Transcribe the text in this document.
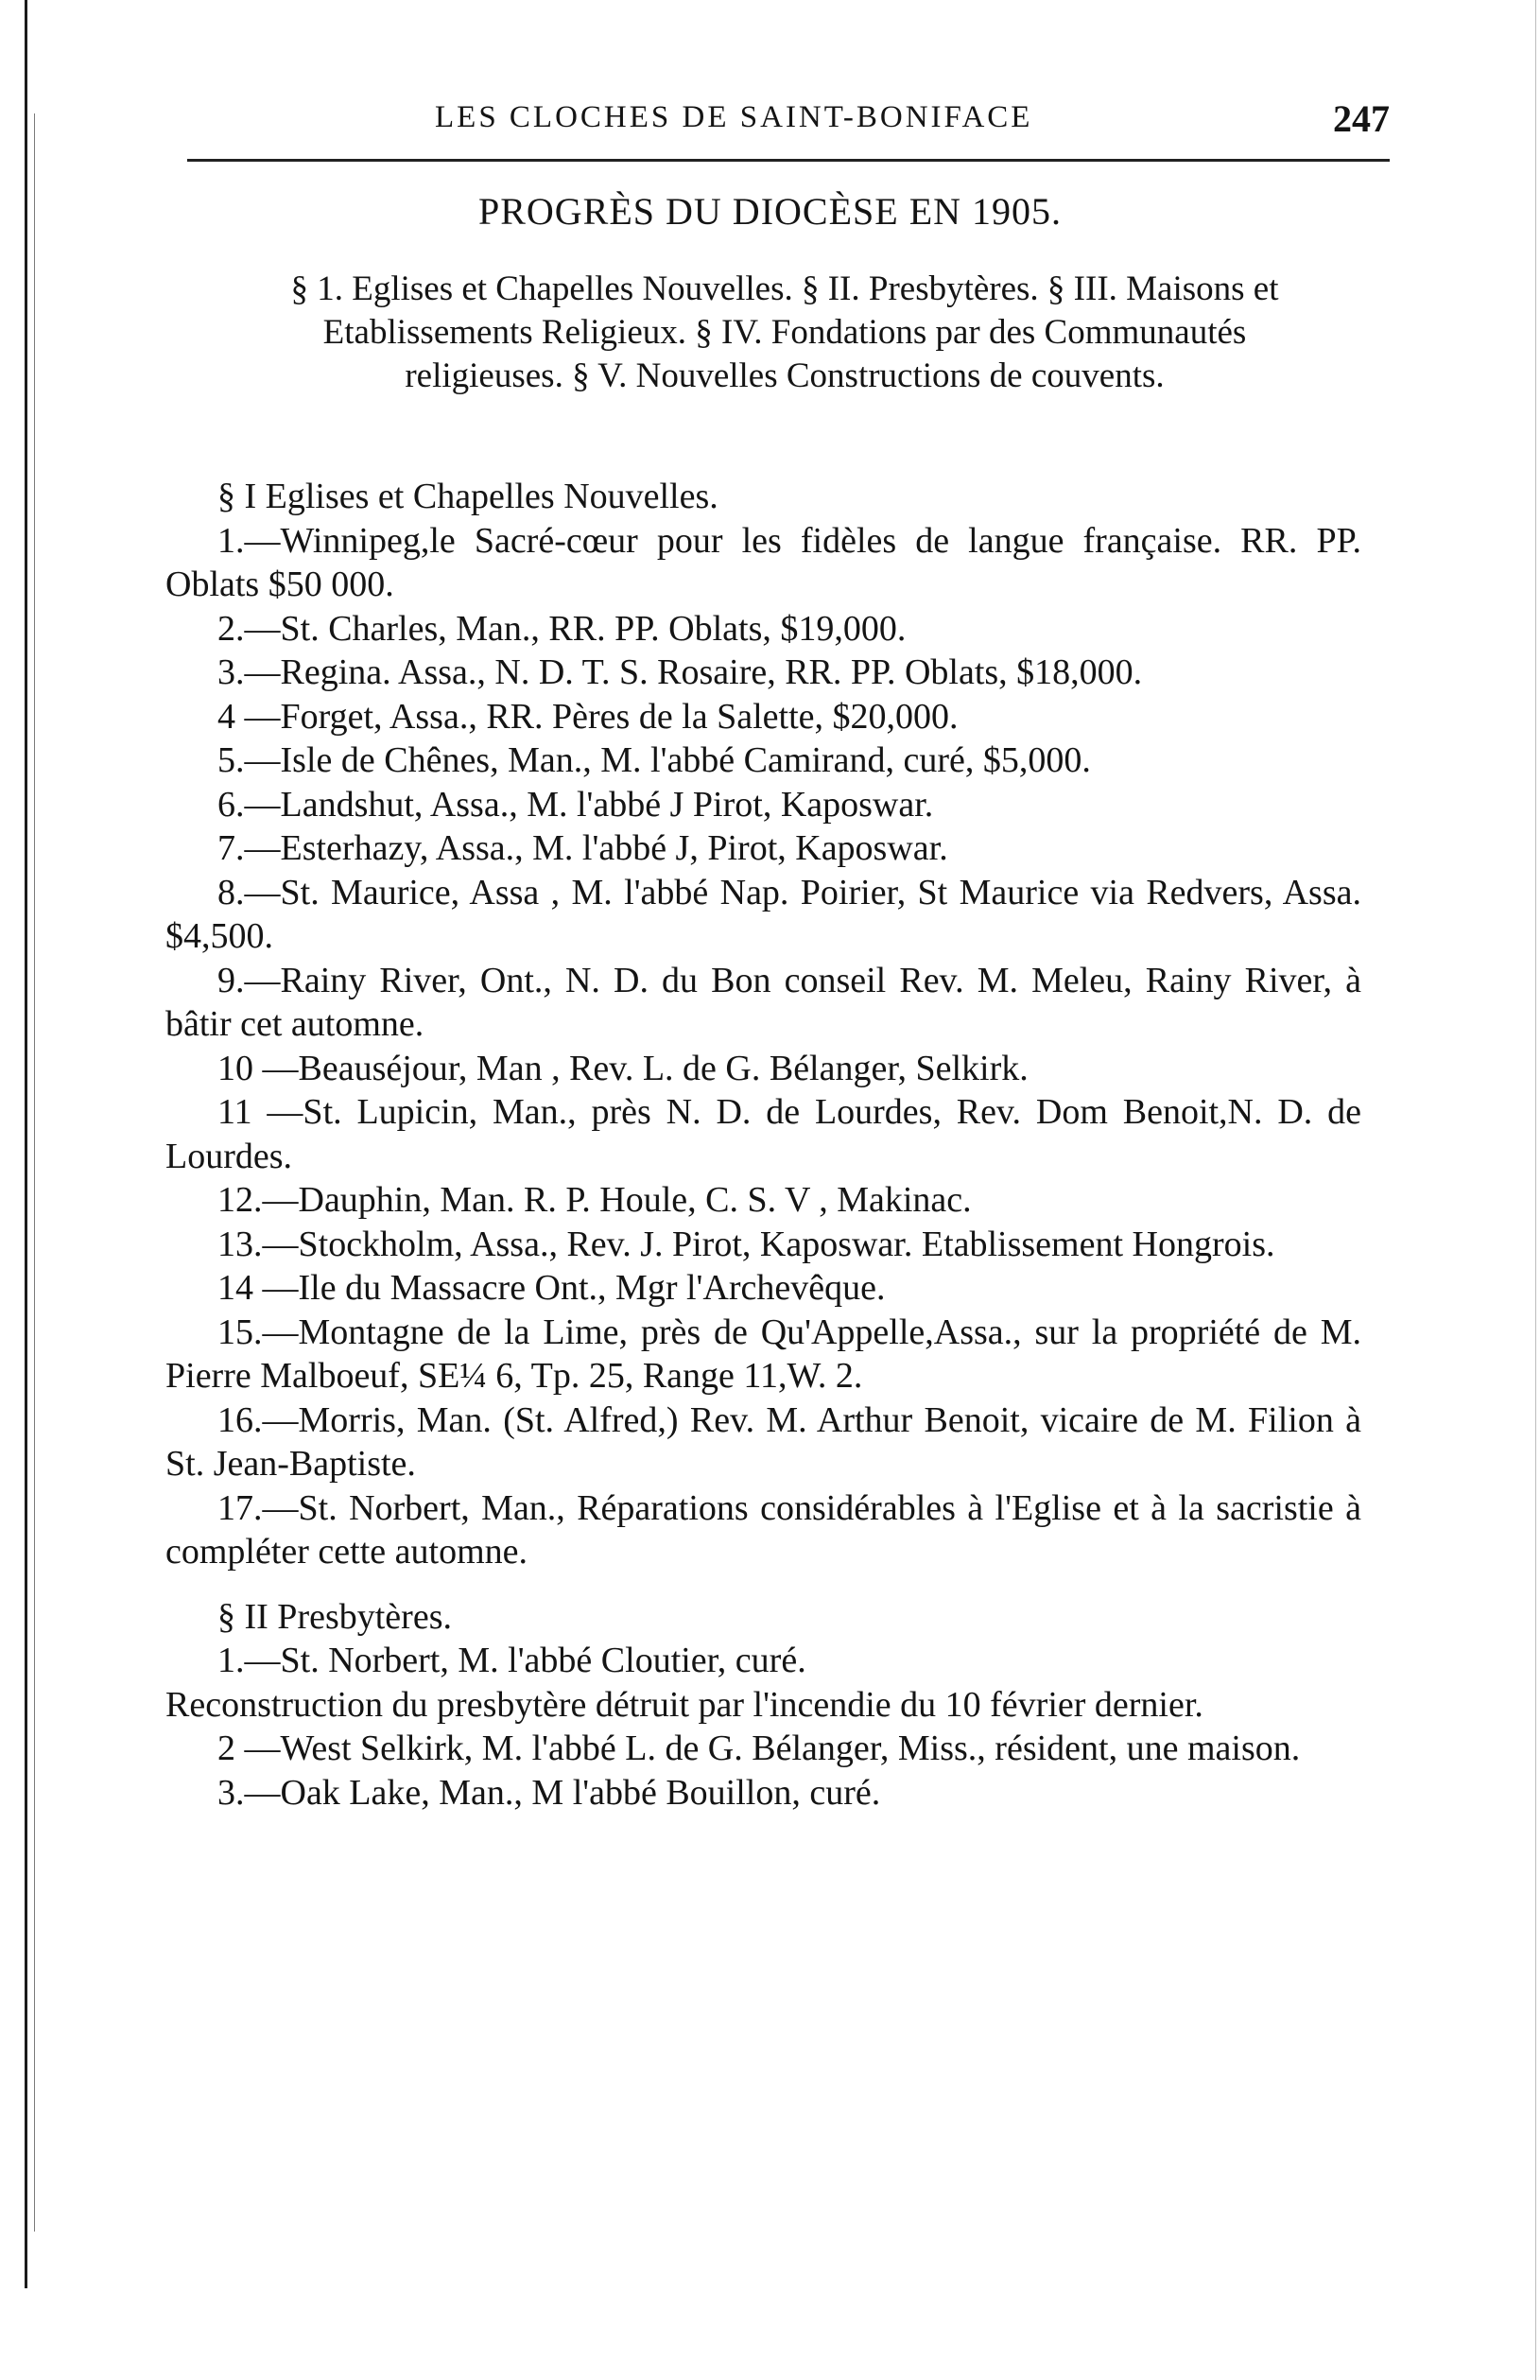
LES CLOCHES DE SAINT-BONIFACE	247
PROGRÈS DU DIOCÈSE EN 1905.
§ 1. Eglises et Chapelles Nouvelles. § II. Presbytères. § III. Maisons et Etablissements Religieux. § IV. Fondations par des Communautés religieuses. § V. Nouvelles Constructions de couvents.

§ I Eglises et Chapelles Nouvelles.

1.—Winnipeg,le Sacré-cœur pour les fidèles de langue française. RR. PP. Oblats $50 000.

2.—St. Charles, Man., RR. PP. Oblats, $19,000.

3.—Regina. Assa., N. D. T. S. Rosaire, RR. PP. Oblats, $18,000.

4 —Forget, Assa., RR. Pères de la Salette, $20,000.

5.—Isle de Chênes, Man., M. l'abbé Camirand, curé, $5,000.

6.—Landshut, Assa., M. l'abbé J Pirot, Kaposwar.

7.—Esterhazy, Assa., M. l'abbé J, Pirot, Kaposwar.

8.—St. Maurice, Assa , M. l'abbé Nap. Poirier, St Maurice via Redvers, Assa. $4,500.

9.—Rainy River, Ont., N. D. du Bon conseil Rev. M. Meleu, Rainy River, à bâtir cet automne.

10 —Beauséjour, Man , Rev. L. de G. Bélanger, Selkirk.

11 —St. Lupicin, Man., près N. D. de Lourdes, Rev. Dom Benoit,N. D. de Lourdes.

12.—Dauphin, Man. R. P. Houle, C. S. V , Makinac.

13.—Stockholm, Assa., Rev. J. Pirot, Kaposwar. Etablissement Hongrois.

14 —Ile du Massacre Ont., Mgr l'Archevêque.

15.—Montagne de la Lime, près de Qu'Appelle,Assa., sur la propriété de M. Pierre Malboeuf, SE¼ 6, Tp. 25, Range 11,W. 2.

16.—Morris, Man. (St. Alfred,) Rev. M. Arthur Benoit, vicaire de M. Filion à St. Jean-Baptiste.

17.—St. Norbert, Man., Réparations considérables à l'Eglise et à la sacristie à compléter cette automne.

§ II Presbytères.

1.—St. Norbert, M. l'abbé Cloutier, curé.

Reconstruction du presbytère détruit par l'incendie du 10 février dernier.

2 —West Selkirk, M. l'abbé L. de G. Bélanger, Miss., résident, une maison.

3.—Oak Lake, Man., M l'abbé Bouillon, curé.
